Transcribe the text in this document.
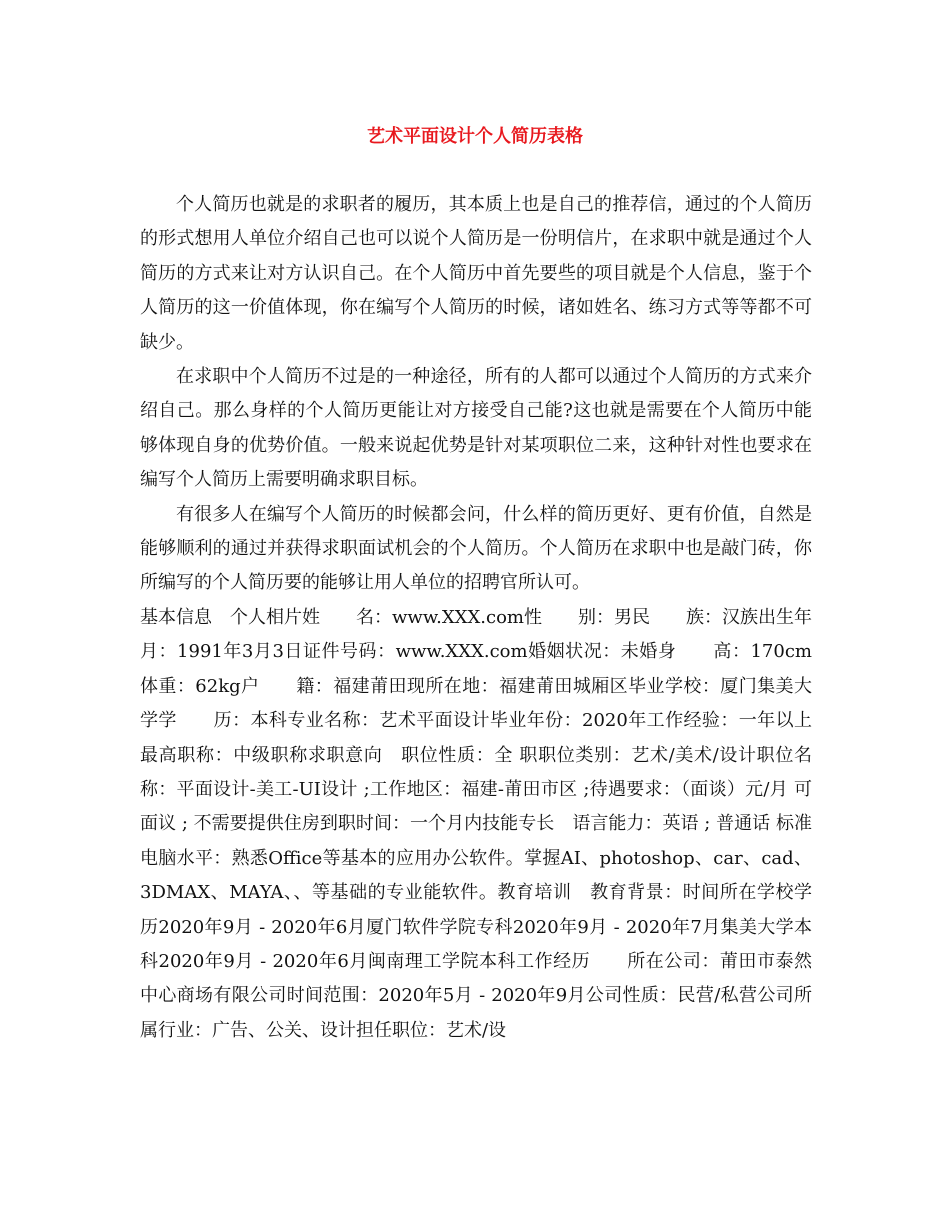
艺术平面设计个人简历表格

个人简历也就是的求职者的履历，其本质上也是自己的推荐信，通过的个人简历的形式想用人单位介绍自己也可以说个人简历是一份明信片，在求职中就是通过个人简历的方式来让对方认识自己。在个人简历中首先要些的项目就是个人信息，鉴于个人简历的这一价值体现，你在编写个人简历的时候，诸如姓名、练习方式等等都不可缺少。

在求职中个人简历不过是的一种途径，所有的人都可以通过个人简历的方式来介绍自己。那么身样的个人简历更能让对方接受自己能?这也就是需要在个人简历中能够体现自身的优势价值。一般来说起优势是针对某项职位二来，这种针对性也要求在编写个人简历上需要明确求职目标。

有很多人在编写个人简历的时候都会问，什么样的简历更好、更有价值，自然是能够顺利的通过并获得求职面试机会的个人简历。个人简历在求职中也是敲门砖，你所编写的个人简历要的能够让用人单位的招聘官所认可。

基本信息　个人相片姓　　名：www.XXX.com性　　别：男民　　族：汉族出生年月：1991年3月3日证件号码：www.XXX.com婚姻状况：未婚身　　高：170cm体重：62kg户　　籍：福建莆田现所在地：福建莆田城厢区毕业学校：厦门集美大学学　　历：本科专业名称：艺术平面设计毕业年份：2020年工作经验：一年以上最高职称：中级职称求职意向　职位性质：全 职职位类别：艺术/美术/设计职位名称：平面设计-美工-UI设计 ;工作地区：福建-莆田市区 ;待遇要求：（面谈）元/月 可面议 ; 不需要提供住房到职时间：一个月内技能专长　语言能力：英语 ; 普通话 标准电脑水平：熟悉Office等基本的应用办公软件。掌握AI、photoshop、car、cad、3DMAX、MAYA、、等基础的专业能软件。教育培训　教育背景：时间所在学校学历2020年9月 - 2020年6月厦门软件学院专科2020年9月 - 2020年7月集美大学本科2020年9月 - 2020年6月闽南理工学院本科工作经历　　所在公司：莆田市泰然中心商场有限公司时间范围：2020年5月 - 2020年9月公司性质：民营/私营公司所属行业：广告、公关、设计担任职位：艺术/设
